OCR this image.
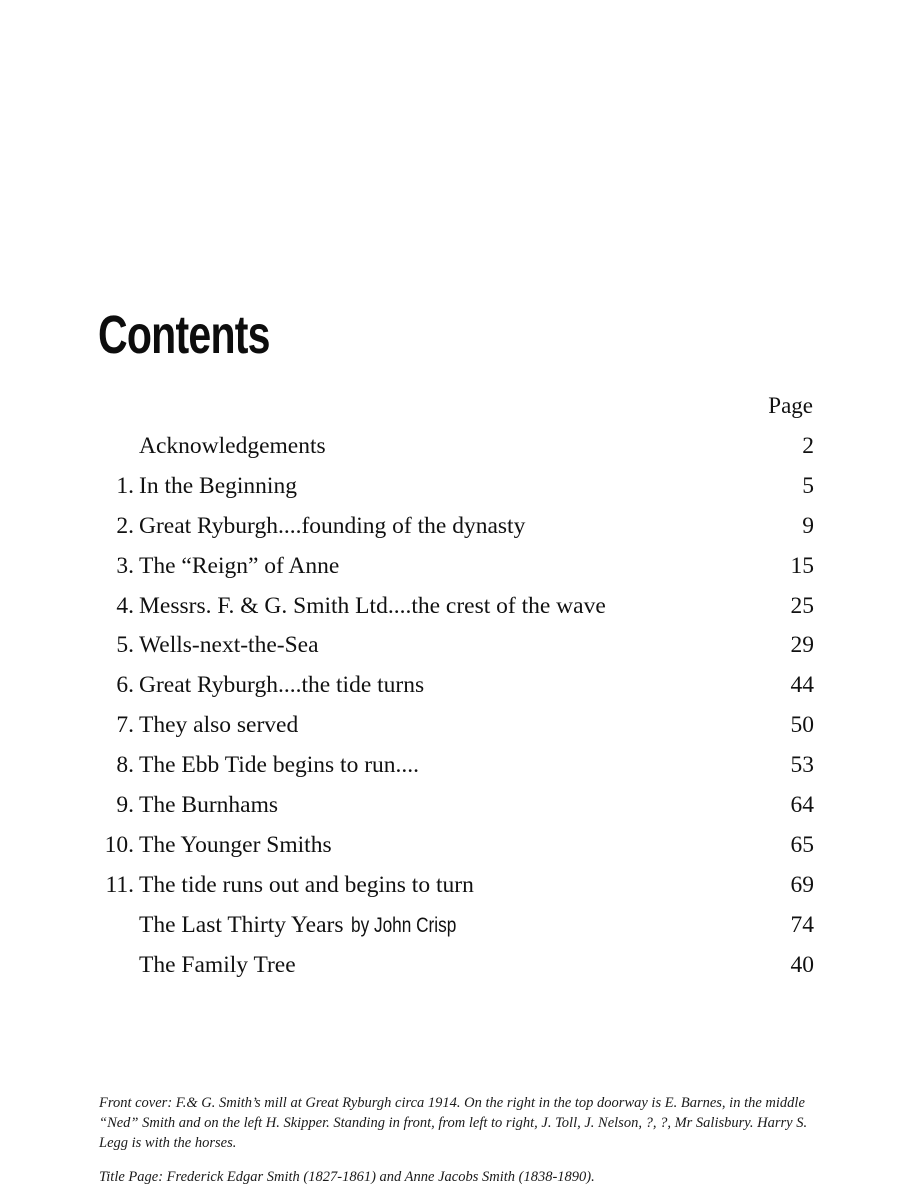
Contents
Page
Acknowledgements	2
1. In the Beginning	5
2. Great Ryburgh....founding of the dynasty	9
3. The “Reign” of Anne	15
4. Messrs. F. & G. Smith Ltd....the crest of the wave	25
5. Wells-next-the-Sea	29
6. Great Ryburgh....the tide turns	44
7. They also served	50
8. The Ebb Tide begins to run....	53
9. The Burnhams	64
10. The Younger Smiths	65
11. The tide runs out and begins to turn	69
The Last Thirty Years by John Crisp	74
The Family Tree	40

Front cover: F.& G. Smith’s mill at Great Ryburgh circa 1914. On the right in the top doorway is E. Barnes, in the middle “Ned” Smith and on the left H. Skipper. Standing in front, from left to right, J. Toll, J. Nelson, ?, ?, Mr Salisbury. Harry S. Legg is with the horses.

Title Page: Frederick Edgar Smith (1827-1861) and Anne Jacobs Smith (1838-1890).
